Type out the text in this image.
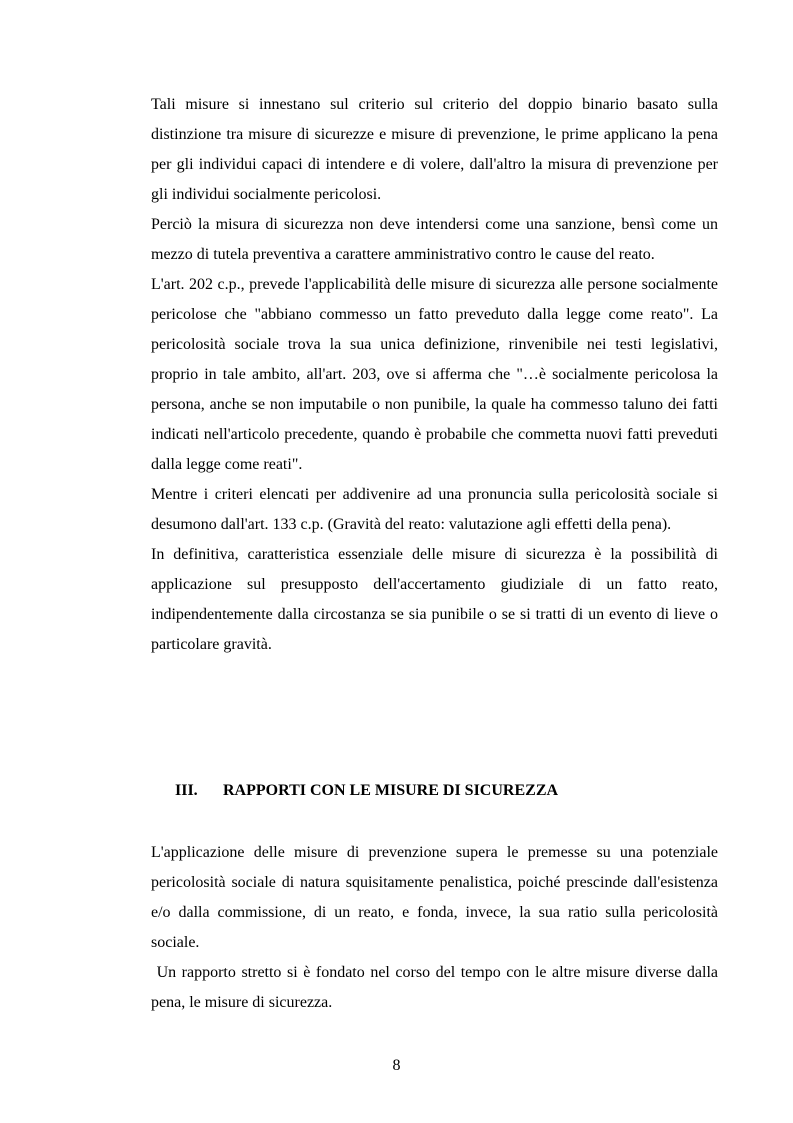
Tali misure si innestano sul criterio sul criterio del doppio binario basato sulla distinzione tra misure di sicurezze e misure di prevenzione, le prime applicano la pena per gli individui capaci di intendere e di volere, dall'altro la misura di prevenzione per gli individui socialmente pericolosi.

Perciò la misura di sicurezza non deve intendersi come una sanzione, bensì come un mezzo di tutela preventiva a carattere amministrativo contro le cause del reato.

L'art. 202 c.p., prevede l'applicabilità delle misure di sicurezza alle persone socialmente pericolose che "abbiano commesso un fatto preveduto dalla legge come reato". La pericolosità sociale trova la sua unica definizione, rinvenibile nei testi legislativi, proprio in tale ambito, all'art. 203, ove si afferma che "…è socialmente pericolosa la persona, anche se non imputabile o non punibile, la quale ha commesso taluno dei fatti indicati nell'articolo precedente, quando è probabile che commetta nuovi fatti preveduti dalla legge come reati".

Mentre i criteri elencati per addivenire ad una pronuncia sulla pericolosità sociale si desumono dall'art. 133 c.p. (Gravità del reato: valutazione agli effetti della pena).

In definitiva, caratteristica essenziale delle misure di sicurezza è la possibilità di applicazione sul presupposto dell'accertamento giudiziale di un fatto reato, indipendentemente dalla circostanza se sia punibile o se si tratti di un evento di lieve o particolare gravità.

III. RAPPORTI CON LE MISURE DI SICUREZZA

L'applicazione delle misure di prevenzione supera le premesse su una potenziale pericolosità sociale di natura squisitamente penalistica, poiché prescinde dall'esistenza e/o dalla commissione, di un reato, e fonda, invece, la sua ratio sulla pericolosità sociale.

Un rapporto stretto si è fondato nel corso del tempo con le altre misure diverse dalla pena, le misure di sicurezza.

8
